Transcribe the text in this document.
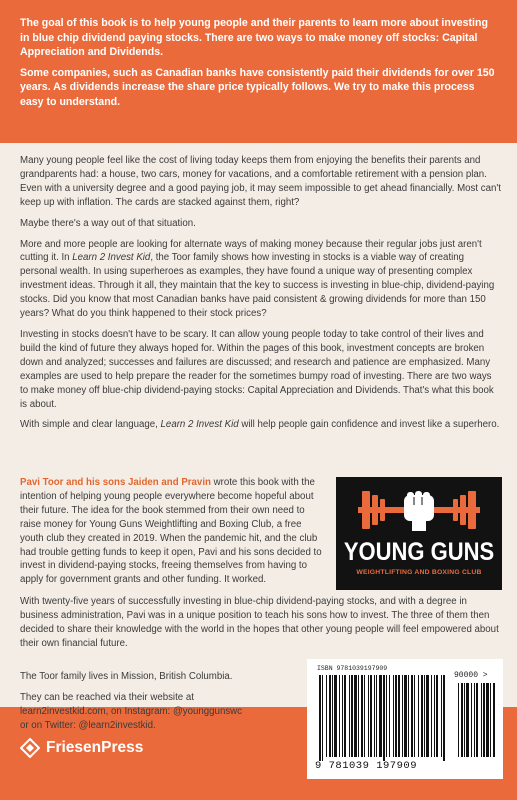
The goal of this book is to help young people and their parents to learn more about investing in blue chip dividend paying stocks. There are two ways to make money off stocks: Capital Appreciation and Dividends.

Some companies, such as Canadian banks have consistently paid their dividends for over 150 years. As dividends increase the share price typically follows. We try to make this process easy to understand.

Many young people feel like the cost of living today keeps them from enjoying the benefits their parents and grandparents had: a house, two cars, money for vacations, and a comfortable retirement with a pension plan. Even with a university degree and a good paying job, it may seem impossible to get ahead financially. Most can't keep up with inflation. The cards are stacked against them, right?

Maybe there's a way out of that situation.

More and more people are looking for alternate ways of making money because their regular jobs just aren't cutting it. In Learn 2 Invest Kid, the Toor family shows how investing in stocks is a viable way of creating personal wealth. In using superheroes as examples, they have found a unique way of presenting complex investment ideas. Through it all, they maintain that the key to success is investing in blue-chip, dividend-paying stocks. Did you know that most Canadian banks have paid consistent & growing dividends for more than 150 years? What do you think happened to their stock prices?

Investing in stocks doesn't have to be scary. It can allow young people today to take control of their lives and build the kind of future they always hoped for. Within the pages of this book, investment concepts are broken down and analyzed; successes and failures are discussed; and research and patience are emphasized. Many examples are used to help prepare the reader for the sometimes bumpy road of investing. There are two ways to make money off blue-chip dividend-paying stocks: Capital Appreciation and Dividends. That's what this book is about.

With simple and clear language, Learn 2 Invest Kid will help people gain confidence and invest like a superhero.

Pavi Toor and his sons Jaiden and Pravin wrote this book with the intention of helping young people everywhere become hopeful about their future. The idea for the book stemmed from their own need to raise money for Young Guns Weightlifting and Boxing Club, a free youth club they created in 2019. When the pandemic hit, and the club had trouble getting funds to keep it open, Pavi and his sons decided to invest in dividend-paying stocks, freeing themselves from having to apply for government grants and other funding. It worked.

YOUNG GUNS
WEIGHTLIFTING AND BOXING CLUB

With twenty-five years of successfully investing in blue-chip dividend-paying stocks, and with a degree in business administration, Pavi was in a unique position to teach his sons how to invest. The three of them then decided to share their knowledge with the world in the hopes that other young people will feel empowered about their own financial future.

The Toor family lives in Mission, British Columbia.

They can be reached via their website at

learn2investkid.com, on Instagram: @younggunswc

or on Twitter: @learn2investkid.

ISBN 9781039197909
90000 >
9 781039 197909
FriesenPress
